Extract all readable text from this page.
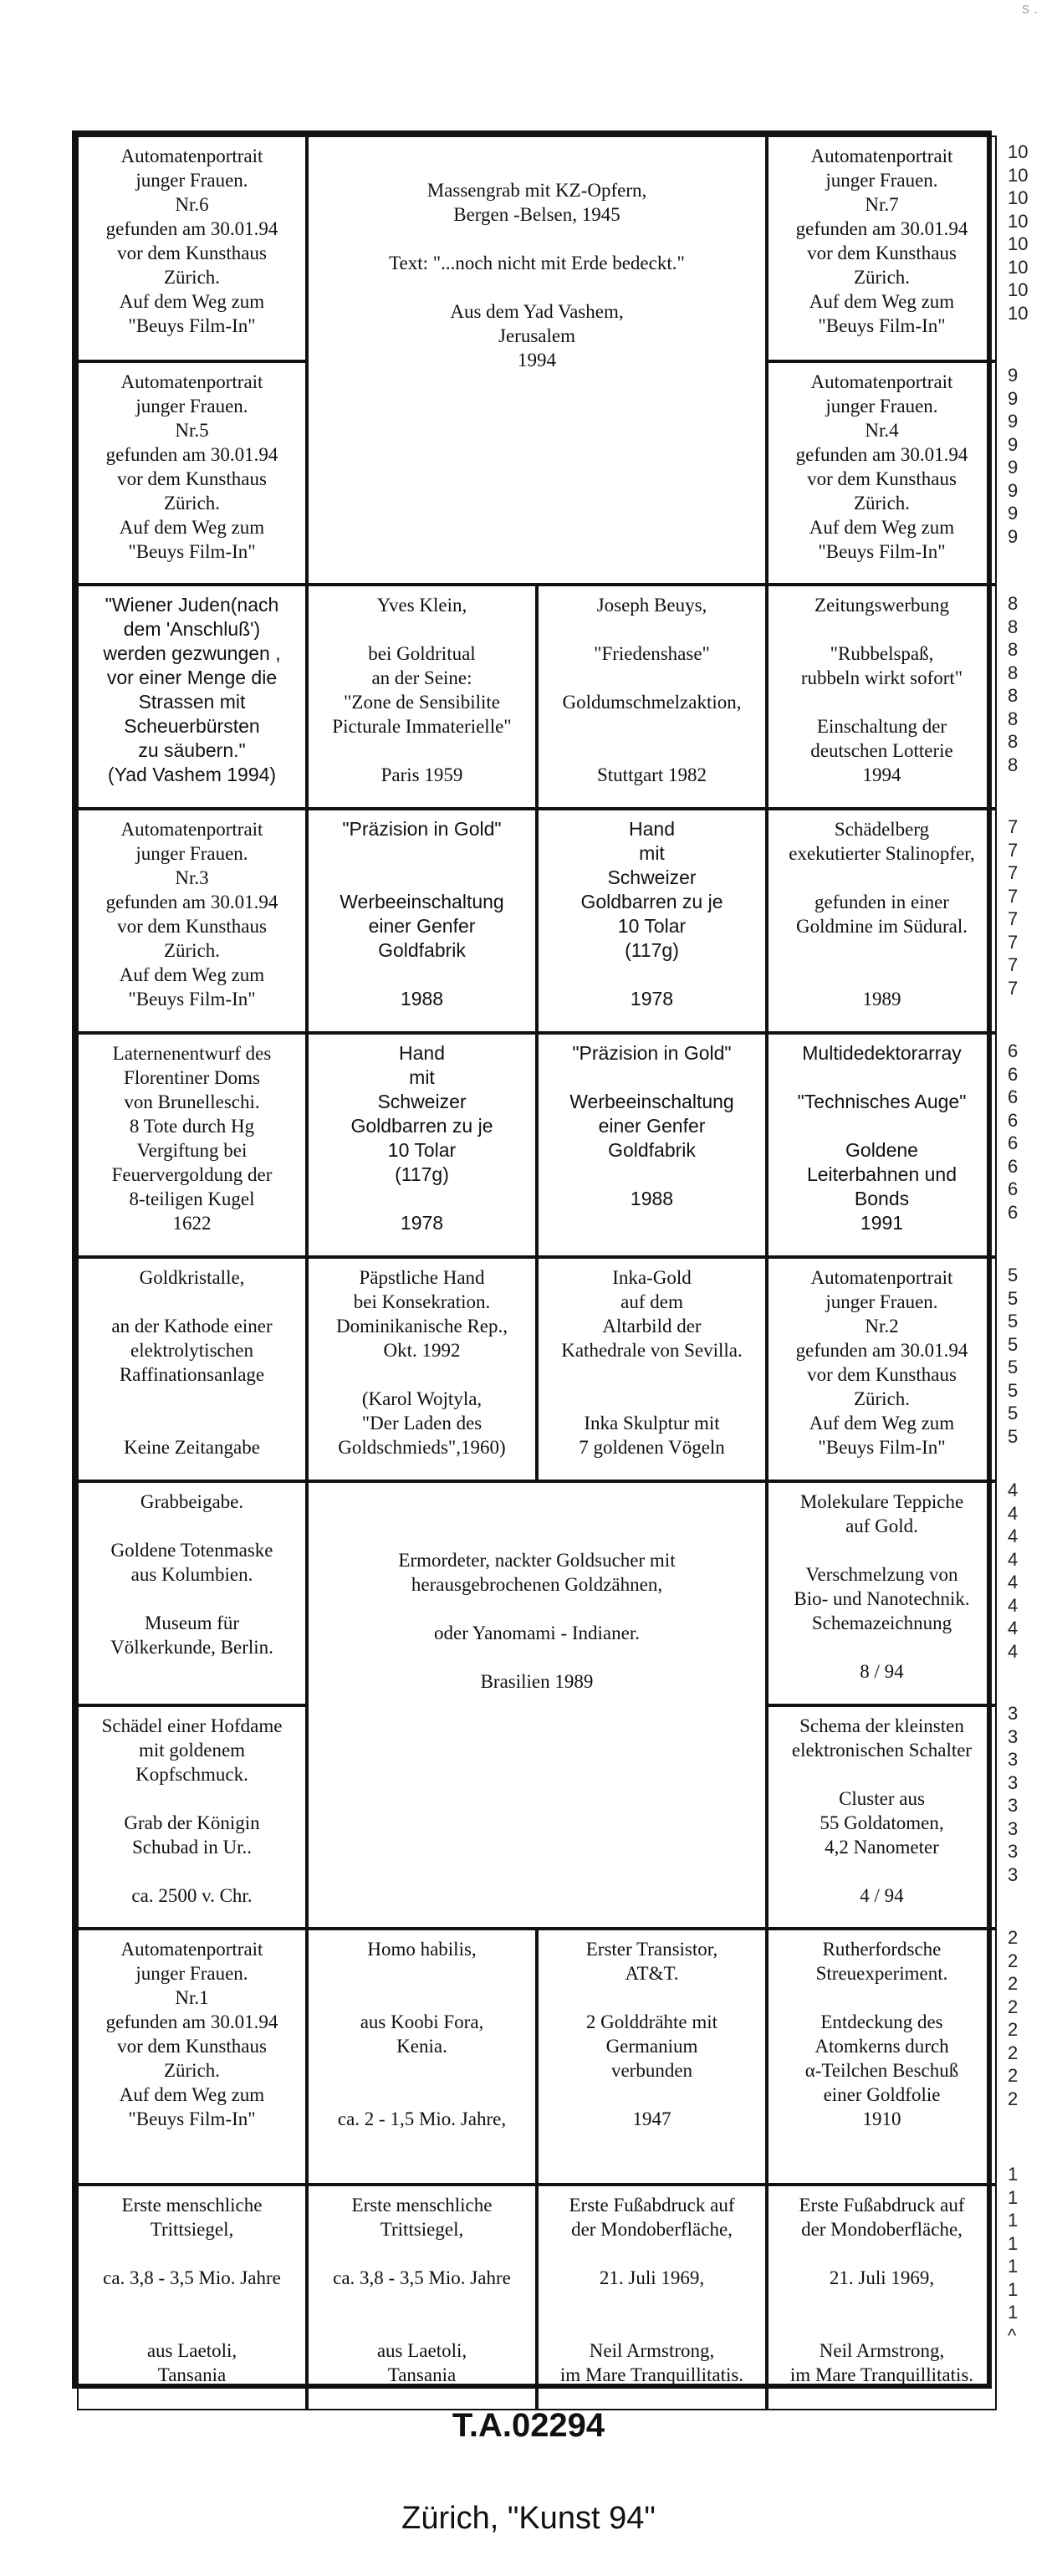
s .
Automatenportrait
junger Frauen.
Nr.6
gefunden am 30.01.94
vor dem Kunsthaus
Zürich.
Auf dem Weg zum
"Beuys Film-In"
Massengrab mit KZ-Opfern,
Bergen -Belsen, 1945
Text: "...noch nicht mit Erde bedeckt."
Aus dem Yad Vashem,
Jerusalem
1994
Automatenportrait
junger Frauen.
Nr.7
gefunden am 30.01.94
vor dem Kunsthaus
Zürich.
Auf dem Weg zum
"Beuys Film-In"
Automatenportrait
junger Frauen.
Nr.5
gefunden am 30.01.94
vor dem Kunsthaus
Zürich.
Auf dem Weg zum
"Beuys Film-In"
Automatenportrait
junger Frauen.
Nr.4
gefunden am 30.01.94
vor dem Kunsthaus
Zürich.
Auf dem Weg zum
"Beuys Film-In"
"Wiener Juden(nach
dem 'Anschluß')
werden gezwungen ,
vor einer Menge die
Strassen mit
Scheuerbürsten
zu säubern."
(Yad Vashem 1994)
Yves Klein,
bei Goldritual
an der Seine:
"Zone de Sensibilite
Picturale Immaterielle"
Paris 1959
Joseph Beuys,
"Friedenshase"
Goldumschmelzaktion,
Stuttgart 1982
Zeitungswerbung
"Rubbelspaß,
rubbeln wirkt sofort"
Einschaltung der
deutschen Lotterie
1994
Automatenportrait
junger Frauen.
Nr.3
gefunden am 30.01.94
vor dem Kunsthaus
Zürich.
Auf dem Weg zum
"Beuys Film-In"
"Präzision in Gold"
Werbeeinschaltung
einer Genfer
Goldfabrik
1988
Hand
mit
Schweizer
Goldbarren zu je
10 Tolar
(117g)
1978
Schädelberg
exekutierter Stalinopfer,
gefunden in einer
Goldmine im Südural.
1989
Laternenentwurf des
Florentiner Doms
von Brunelleschi.
8 Tote durch Hg
Vergiftung bei
Feuervergoldung der
8-teiligen Kugel
1622
Hand
mit
Schweizer
Goldbarren zu je
10 Tolar
(117g)
1978
"Präzision in Gold"
Werbeeinschaltung
einer Genfer
Goldfabrik
1988
Multidedektorarray
"Technisches Auge"
Goldene
Leiterbahnen und
Bonds
1991
Goldkristalle,
an der Kathode einer
elektrolytischen
Raffinationsanlage
Keine Zeitangabe
Päpstliche Hand
bei Konsekration.
Dominikanische Rep.,
Okt. 1992
(Karol Wojtyla,
"Der Laden des
Goldschmieds",1960)
Inka-Gold
auf dem
Altarbild der
Kathedrale von Sevilla.
Inka Skulptur mit
7 goldenen Vögeln
Automatenportrait
junger Frauen.
Nr.2
gefunden am 30.01.94
vor dem Kunsthaus
Zürich.
Auf dem Weg zum
"Beuys Film-In"
Grabbeigabe.
Goldene Totenmaske
aus Kolumbien.
Museum für
Völkerkunde, Berlin.
Ermordeter, nackter Goldsucher mit
herausgebrochenen Goldzähnen,
oder Yanomami - Indianer.
Brasilien 1989
Molekulare Teppiche
auf Gold.
Verschmelzung von
Bio- und Nanotechnik.
Schemazeichnung
8 / 94
Schädel einer Hofdame
mit goldenem
Kopfschmuck.
Grab der Königin
Schubad in Ur..
ca. 2500 v. Chr.
Schema der kleinsten
elektronischen Schalter
Cluster aus
55 Goldatomen,
4,2 Nanometer
4 / 94
Automatenportrait
junger Frauen.
Nr.1
gefunden am 30.01.94
vor dem Kunsthaus
Zürich.
Auf dem Weg zum
"Beuys Film-In"
Homo habilis,
aus Koobi Fora,
Kenia.
ca. 2 - 1,5 Mio. Jahre,
Erster Transistor,
AT&T.
2 Golddrähte mit
Germanium
verbunden
1947
Rutherfordsche
Streuexperiment.
Entdeckung des
Atomkerns durch
α-Teilchen Beschuß
einer Goldfolie
1910
Erste menschliche
Trittsiegel,
ca. 3,8 - 3,5 Mio. Jahre
aus Laetoli,
Tansania
Erste menschliche
Trittsiegel,
ca. 3,8 - 3,5 Mio. Jahre
aus Laetoli,
Tansania
Erste Fußabdruck auf
der Mondoberfläche,
21. Juli 1969,
Neil Armstrong,
im Mare Tranquillitatis.
Erste Fußabdruck auf
der Mondoberfläche,
21. Juli 1969,
Neil Armstrong,
im Mare Tranquillitatis.
10
10
10
10
10
10
10
10
9
9
9
9
9
9
9
9
8
8
8
8
8
8
8
8
7
7
7
7
7
7
7
7
6
6
6
6
6
6
6
6
5
5
5
5
5
5
5
5
4
4
4
4
4
4
4
4
3
3
3
3
3
3
3
3
2
2
2
2
2
2
2
2
1
1
1
1
1
1
1
^
T.A.02294
Zürich, "Kunst 94"
